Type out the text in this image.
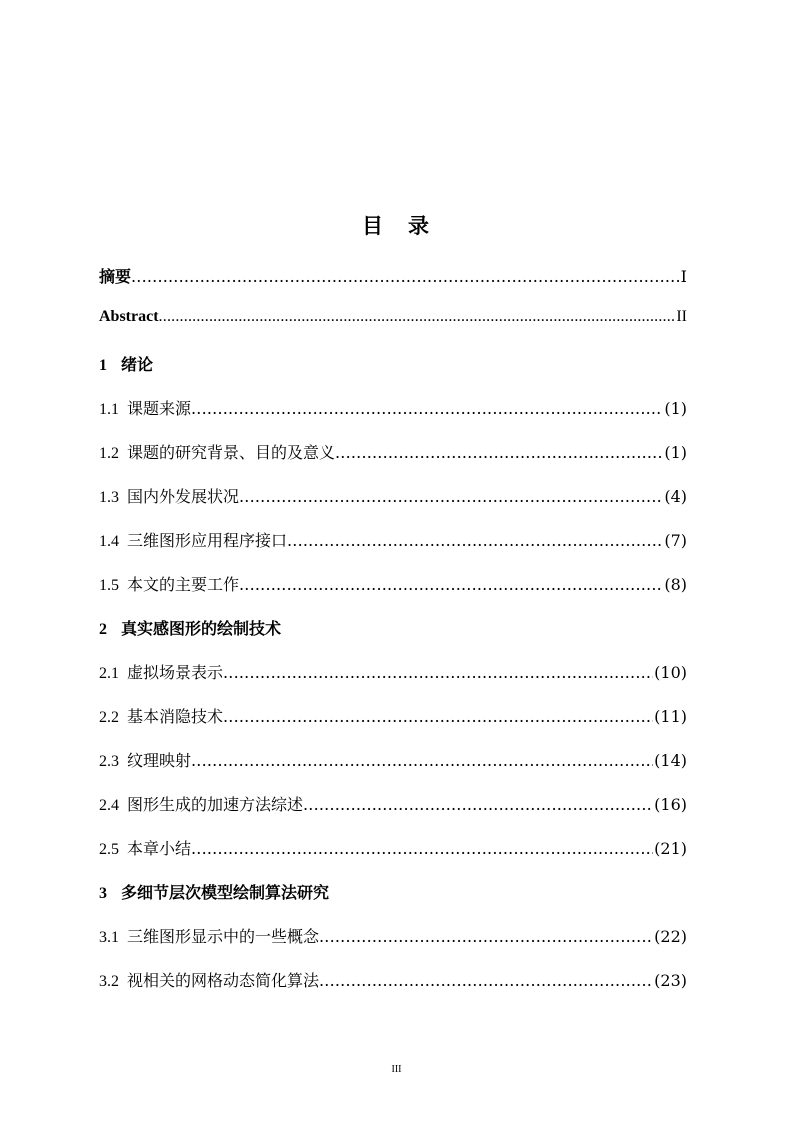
目　录
摘要 .....	I
Abstract .....	II
1 绪论
1.1 课题来源 .....	(1)
1.2 课题的研究背景、目的及意义 .....	(1)
1.3 国内外发展状况 .....	(4)
1.4 三维图形应用程序接口 .....	(7)
1.5 本文的主要工作 .....	(8)
2 真实感图形的绘制技术
2.1 虚拟场景表示 .....	(10)
2.2 基本消隐技术 .....	(11)
2.3 纹理映射 .....	(14)
2.4 图形生成的加速方法综述 .....	(16)
2.5 本章小结 .....	(21)
3 多细节层次模型绘制算法研究
3.1 三维图形显示中的一些概念 .....	(22)
3.2 视相关的网格动态简化算法 .....	(23)
III
